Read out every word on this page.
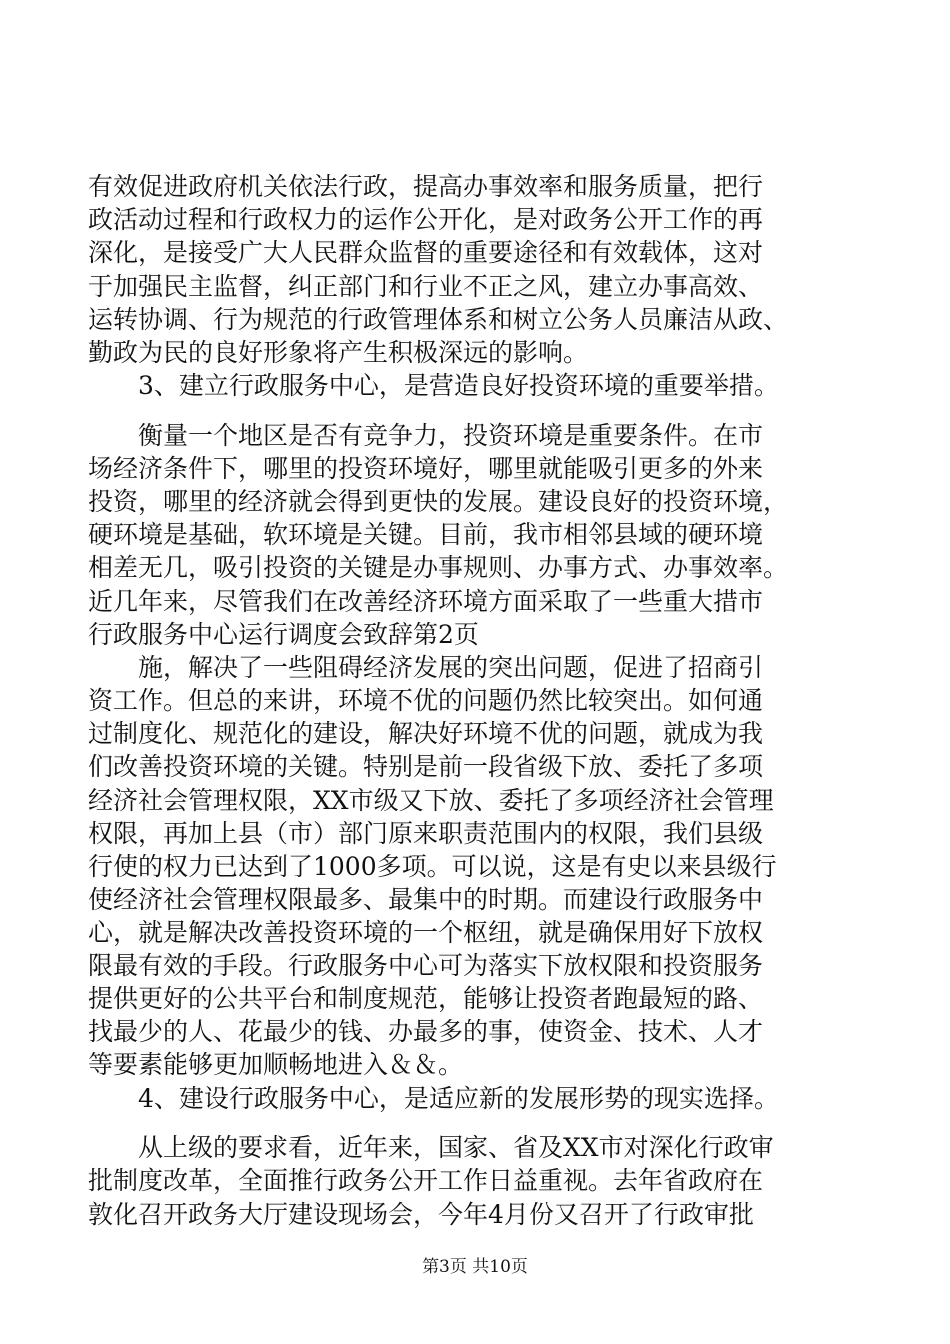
有效促进政府机关依法行政，提高办事效率和服务质量，把行
政活动过程和行政权力的运作公开化，是对政务公开工作的再
深化，是接受广大人民群众监督的重要途径和有效载体，这对
于加强民主监督，纠正部门和行业不正之风，建立办事高效、
运转协调、行为规范的行政管理体系和树立公务人员廉洁从政、
勤政为民的良好形象将产生积极深远的影响。
　　3、建立行政服务中心，是营造良好投资环境的重要举措。
　　衡量一个地区是否有竞争力，投资环境是重要条件。在市
场经济条件下，哪里的投资环境好，哪里就能吸引更多的外来
投资，哪里的经济就会得到更快的发展。建设良好的投资环境，
硬环境是基础，软环境是关键。目前，我市相邻县域的硬环境
相差无几，吸引投资的关键是办事规则、办事方式、办事效率。
近几年来，尽管我们在改善经济环境方面采取了一些重大措市
行政服务中心运行调度会致辞第2页
　　施，解决了一些阻碍经济发展的突出问题，促进了招商引
资工作。但总的来讲，环境不优的问题仍然比较突出。如何通
过制度化、规范化的建设，解决好环境不优的问题，就成为我
们改善投资环境的关键。特别是前一段省级下放、委托了多项
经济社会管理权限，XX市级又下放、委托了多项经济社会管理
权限，再加上县（市）部门原来职责范围内的权限，我们县级
行使的权力已达到了1000多项。可以说，这是有史以来县级行
使经济社会管理权限最多、最集中的时期。而建设行政服务中
心，就是解决改善投资环境的一个枢纽，就是确保用好下放权
限最有效的手段。行政服务中心可为落实下放权限和投资服务
提供更好的公共平台和制度规范，能够让投资者跑最短的路、
找最少的人、花最少的钱、办最多的事，使资金、技术、人才
等要素能够更加顺畅地进入＆＆。
　　4、建设行政服务中心，是适应新的发展形势的现实选择。
　　从上级的要求看，近年来，国家、省及XX市对深化行政审
批制度改革，全面推行政务公开工作日益重视。去年省政府在
敦化召开政务大厅建设现场会，今年4月份又召开了行政审批
第3页 共10页
